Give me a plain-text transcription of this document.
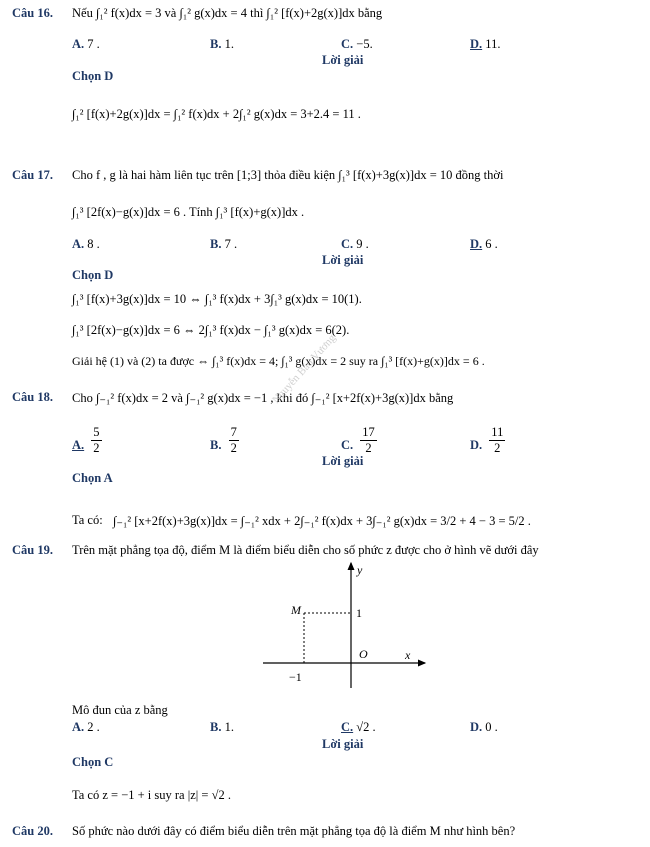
Câu 16. Nếu ∫₁² f(x)dx = 3 và ∫₁² g(x)dx = 4 thì ∫₁² [f(x)+2g(x)]dx bằng
A. 7 .	B. 1.	C. −5.	D. 11.
Lời giải
Chọn D
∫₁² [f(x)+2g(x)]dx = ∫₁² f(x)dx + 2∫₁² g(x)dx = 3+2.4 = 11 .
Câu 17. Cho f , g là hai hàm liên tục trên [1;3] thỏa điều kiện ∫₁³ [f(x)+3g(x)]dx = 10 đồng thời
∫₁³ [2f(x)−g(x)]dx = 6 . Tính ∫₁³ [f(x)+g(x)]dx .
A. 8 .	B. 7 .	C. 9 .	D. 6 .
Lời giải
Chọn D
∫₁³ [f(x)+3g(x)]dx = 10 ⇔ ∫₁³ f(x)dx + 3∫₁³ g(x)dx = 10(1).
∫₁³ [2f(x)−g(x)]dx = 6 ⇔ 2∫₁³ f(x)dx − ∫₁³ g(x)dx = 6(2).
Giải hệ (1) và (2) ta được ⇔ ∫₁³ f(x)dx = 4; ∫₁³ g(x)dx = 2 suy ra ∫₁³ [f(x)+g(x)]dx = 6 .
Câu 18. Cho ∫₋₁² f(x)dx = 2 và ∫₋₁² g(x)dx = −1 , khi đó ∫₋₁² [x+2f(x)+3g(x)]dx bằng
A. $\frac{5}{2}$	B. $\frac{7}{2}$	C. $\frac{17}{2}$	D. $\frac{11}{2}$
Nguyễn Bảo Vương
Lời giải
Chọn A
Ta có: ∫₋₁² [x+2f(x)+3g(x)]dx = ∫₋₁² xdx + 2∫₋₁² f(x)dx + 3∫₋₁² g(x)dx = 3/2 + 4 − 3 = 5/2 .
Câu 19. Trên mặt phẳng tọa độ, điểm M là điểm biểu diễn cho số phức z được cho ở hình vẽ dưới đây
y
x
O
M	1
−1
Mô đun của z bằng
A. 2 .	B. 1.	C. √2 .	D. 0 .
Lời giải
Chọn C
Ta có z = −1 + i suy ra |z| = √2 .
Câu 20. Số phức nào dưới đây có điểm biểu diễn trên mặt phẳng tọa độ là điểm M như hình bên?
